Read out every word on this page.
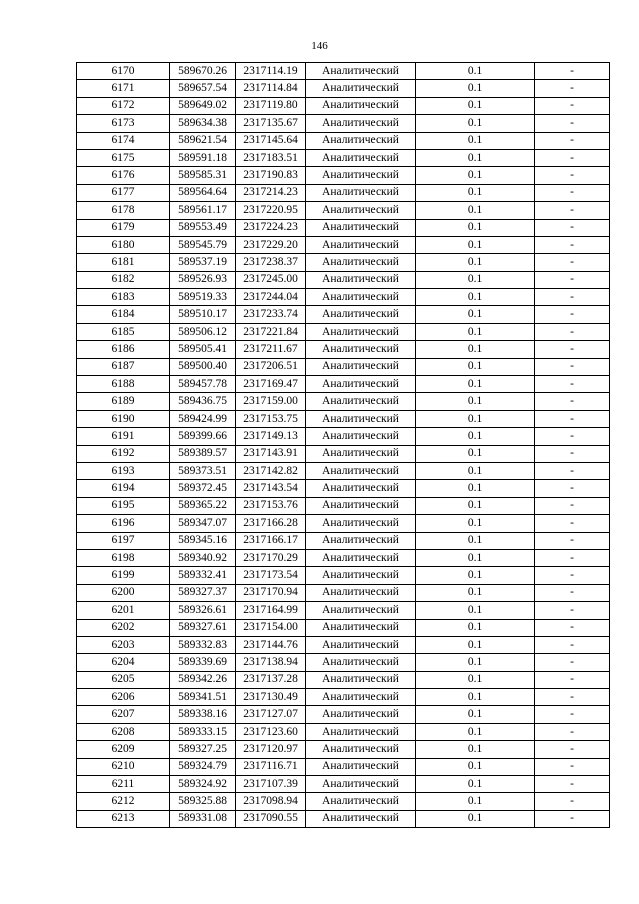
146
6170	589670.26	2317114.19	Аналитический	0.1	-
6171	589657.54	2317114.84	Аналитический	0.1	-
6172	589649.02	2317119.80	Аналитический	0.1	-
6173	589634.38	2317135.67	Аналитический	0.1	-
6174	589621.54	2317145.64	Аналитический	0.1	-
6175	589591.18	2317183.51	Аналитический	0.1	-
6176	589585.31	2317190.83	Аналитический	0.1	-
6177	589564.64	2317214.23	Аналитический	0.1	-
6178	589561.17	2317220.95	Аналитический	0.1	-
6179	589553.49	2317224.23	Аналитический	0.1	-
6180	589545.79	2317229.20	Аналитический	0.1	-
6181	589537.19	2317238.37	Аналитический	0.1	-
6182	589526.93	2317245.00	Аналитический	0.1	-
6183	589519.33	2317244.04	Аналитический	0.1	-
6184	589510.17	2317233.74	Аналитический	0.1	-
6185	589506.12	2317221.84	Аналитический	0.1	-
6186	589505.41	2317211.67	Аналитический	0.1	-
6187	589500.40	2317206.51	Аналитический	0.1	-
6188	589457.78	2317169.47	Аналитический	0.1	-
6189	589436.75	2317159.00	Аналитический	0.1	-
6190	589424.99	2317153.75	Аналитический	0.1	-
6191	589399.66	2317149.13	Аналитический	0.1	-
6192	589389.57	2317143.91	Аналитический	0.1	-
6193	589373.51	2317142.82	Аналитический	0.1	-
6194	589372.45	2317143.54	Аналитический	0.1	-
6195	589365.22	2317153.76	Аналитический	0.1	-
6196	589347.07	2317166.28	Аналитический	0.1	-
6197	589345.16	2317166.17	Аналитический	0.1	-
6198	589340.92	2317170.29	Аналитический	0.1	-
6199	589332.41	2317173.54	Аналитический	0.1	-
6200	589327.37	2317170.94	Аналитический	0.1	-
6201	589326.61	2317164.99	Аналитический	0.1	-
6202	589327.61	2317154.00	Аналитический	0.1	-
6203	589332.83	2317144.76	Аналитический	0.1	-
6204	589339.69	2317138.94	Аналитический	0.1	-
6205	589342.26	2317137.28	Аналитический	0.1	-
6206	589341.51	2317130.49	Аналитический	0.1	-
6207	589338.16	2317127.07	Аналитический	0.1	-
6208	589333.15	2317123.60	Аналитический	0.1	-
6209	589327.25	2317120.97	Аналитический	0.1	-
6210	589324.79	2317116.71	Аналитический	0.1	-
6211	589324.92	2317107.39	Аналитический	0.1	-
6212	589325.88	2317098.94	Аналитический	0.1	-
6213	589331.08	2317090.55	Аналитический	0.1	-
